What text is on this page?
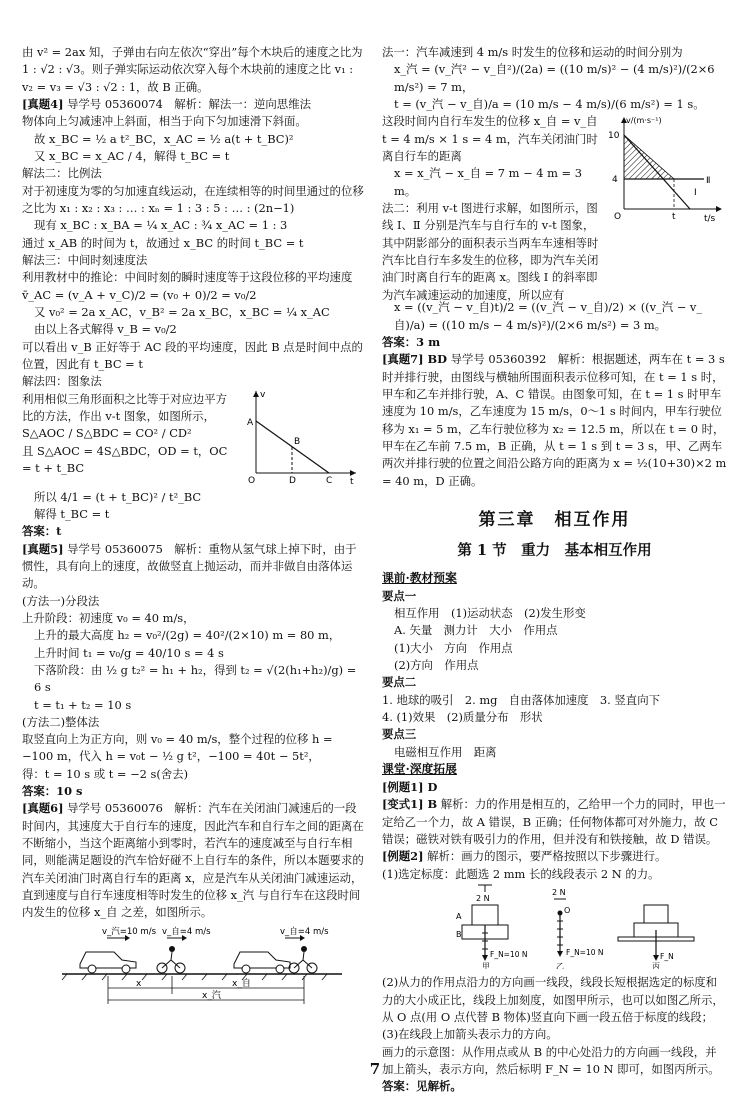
由 v² = 2ax 知，子弹由右向左依次“穿出”每个木块后的速度之比为 1 : √2 : √3。则子弹实际运动依次穿入每个木块前的速度之比 v₁ : v₂ = v₃ = √3 : √2 : 1，故 B 正确。

[真题4] 导学号 05360074　解析：解法一：逆向思维法

物体向上匀减速冲上斜面，相当于向下匀加速滑下斜面。

故 x_BC = ½ a t²_BC，x_AC = ½ a(t + t_BC)²

又 x_BC = x_AC / 4，解得 t_BC = t

解法二：比例法

对于初速度为零的匀加速直线运动，在连续相等的时间里通过的位移之比为 x₁ : x₂ : x₃ : … : xₙ = 1 : 3 : 5 : … : (2n−1)

现有 x_BC : x_BA = ¼ x_AC : ¾ x_AC = 1 : 3

通过 x_AB 的时间为 t，故通过 x_BC 的时间 t_BC = t

解法三：中间时刻速度法

利用教材中的推论：中间时刻的瞬时速度等于这段位移的平均速度 v̄_AC = (v_A + v_C)/2 = (v₀ + 0)/2 = v₀/2

又 v₀² = 2a x_AC，v_B² = 2a x_BC，x_BC = ¼ x_AC

由以上各式解得 v_B = v₀/2

可以看出 v_B 正好等于 AC 段的平均速度，因此 B 点是时间中点的位置，因此有 t_BC = t

解法四：图象法

利用相似三角形面积之比等于对应边平方比的方法，作出 v-t 图象，如图所示，

S△AOC / S△BDC = CO² / CD²

且 S△AOC = 4S△BDC，OD = t，OC = t + t_BC

v
t
A
B
O	D	C

所以 4/1 = (t + t_BC)² / t²_BC

解得 t_BC = t

答案：t

[真题5] 导学号 05360075　解析：重物从氢气球上掉下时，由于惯性，具有向上的速度，故做竖直上抛运动，而并非做自由落体运动。

(方法一)分段法

上升阶段：初速度 v₀ = 40 m/s，

上升的最大高度 h₂ = v₀²/(2g) = 40²/(2×10) m = 80 m，

上升时间 t₁ = v₀/g = 40/10 s = 4 s

下落阶段：由 ½ g t₂² = h₁ + h₂，得到 t₂ = √(2(h₁+h₂)/g) = 6 s

t = t₁ + t₂ = 10 s

(方法二)整体法

取竖直向上为正方向，则 v₀ = 40 m/s，整个过程的位移 h = −100 m，代入 h = v₀t − ½ g t²，−100 = 40t − 5t²，

得：t = 10 s 或 t = −2 s(舍去)

答案：10 s

[真题6] 导学号 05360076　解析：汽车在关闭油门减速后的一段时间内，其速度大于自行车的速度，因此汽车和自行车之间的距离在不断缩小，当这个距离缩小到零时，若汽车的速度减至与自行车相同，则能满足题设的汽车恰好碰不上自行车的条件，所以本题要求的汽车关闭油门时离自行车的距离 x，应是汽车从关闭油门减速运动，直到速度与自行车速度相等时发生的位移 x_汽 与自行车在这段时间内发生的位移 x_自 之差，如图所示。

v_汽=10 m/s v_自=4 m/s	v_自=4 m/s
x	x_自
x_汽

法一：汽车减速到 4 m/s 时发生的位移和运动的时间分别为

x_汽 = (v_汽² − v_自²)/(2a) = ((10 m/s)² − (4 m/s)²)/(2×6 m/s²) = 7 m，

t = (v_汽 − v_自)/a = (10 m/s − 4 m/s)/(6 m/s²) = 1 s。

这段时间内自行车发生的位移 x_自 = v_自 t = 4 m/s × 1 s = 4 m，汽车关闭油门时离自行车的距离

x = x_汽 − x_自 = 7 m − 4 m = 3 m。

法二：利用 v-t 图进行求解，如图所示，图线 Ⅰ、Ⅱ 分别是汽车与自行车的 v-t 图象，其中阴影部分的面积表示当两车车速相等时汽车比自行车多发生的位移，即为汽车关闭油门时离自行车的距离 x。图线 Ⅰ 的斜率即为汽车减速运动的加速度，所以应有

v/(m·s⁻¹)
10
4
O	t	t/s
Ⅱ
Ⅰ

x = ((v_汽 − v_自)t)/2 = ((v_汽 − v_自)/2) × ((v_汽 − v_自)/a) = ((10 m/s − 4 m/s)²)/(2×6 m/s²) = 3 m。

答案：3 m

[真题7] BD 导学号 05360392　解析：根据题述，两车在 t = 3 s 时并排行驶，由图线与横轴所围面积表示位移可知，在 t = 1 s 时，甲车和乙车并排行驶，A、C 错误。由图象可知，在 t = 1 s 时甲车速度为 10 m/s，乙车速度为 15 m/s，0～1 s 时间内，甲车行驶位移为 x₁ = 5 m，乙车行驶位移为 x₂ = 12.5 m，所以在 t = 0 时，甲车在乙车前 7.5 m，B 正确，从 t = 1 s 到 t = 3 s，甲、乙两车两次并排行驶的位置之间沿公路方向的距离为 x = ½(10+30)×2 m = 40 m，D 正确。

第三章　相互作用
第 1 节　重力　基本相互作用

课前·教材预案

要点一

相互作用　(1)运动状态　(2)发生形变

A. 矢量　测力计　大小　作用点

(1)大小　方向　作用点

(2)方向　作用点

要点二

1. 地球的吸引　2. mg　自由落体加速度　3. 竖直向下

4. (1)效果　(2)质量分布　形状

要点三

电磁相互作用　距离

课堂·深度拓展

[例题1] D

[变式1] B 解析：力的作用是相互的，乙给甲一个力的同时，甲也一定给乙一个力，故 A 错误，B 正确；任何物体都可对外施力，故 C 错误；磁铁对铁有吸引力的作用，但并没有和铁接触，故 D 错误。

[例题2] 解析：画力的图示，要严格按照以下步骤进行。

(1)选定标度：此题选 2 mm 长的线段表示 2 N 的力。

2 N
A
B
F_N=10 N
甲
2 N
O
F_N=10 N
乙
F_N
丙

(2)从力的作用点沿力的方向画一线段，线段长短根据选定的标度和力的大小成正比，线段上加刻度，如图甲所示，也可以如图乙所示，从 O 点(用 O 点代替 B 物体)竖直向下画一段五倍于标度的线段；

(3)在线段上加箭头表示力的方向。

画力的示意图：从作用点或从 B 的中心处沿力的方向画一线段，并加上箭头，表示方向，然后标明 F_N = 10 N 即可，如图丙所示。

答案：见解析。

7
